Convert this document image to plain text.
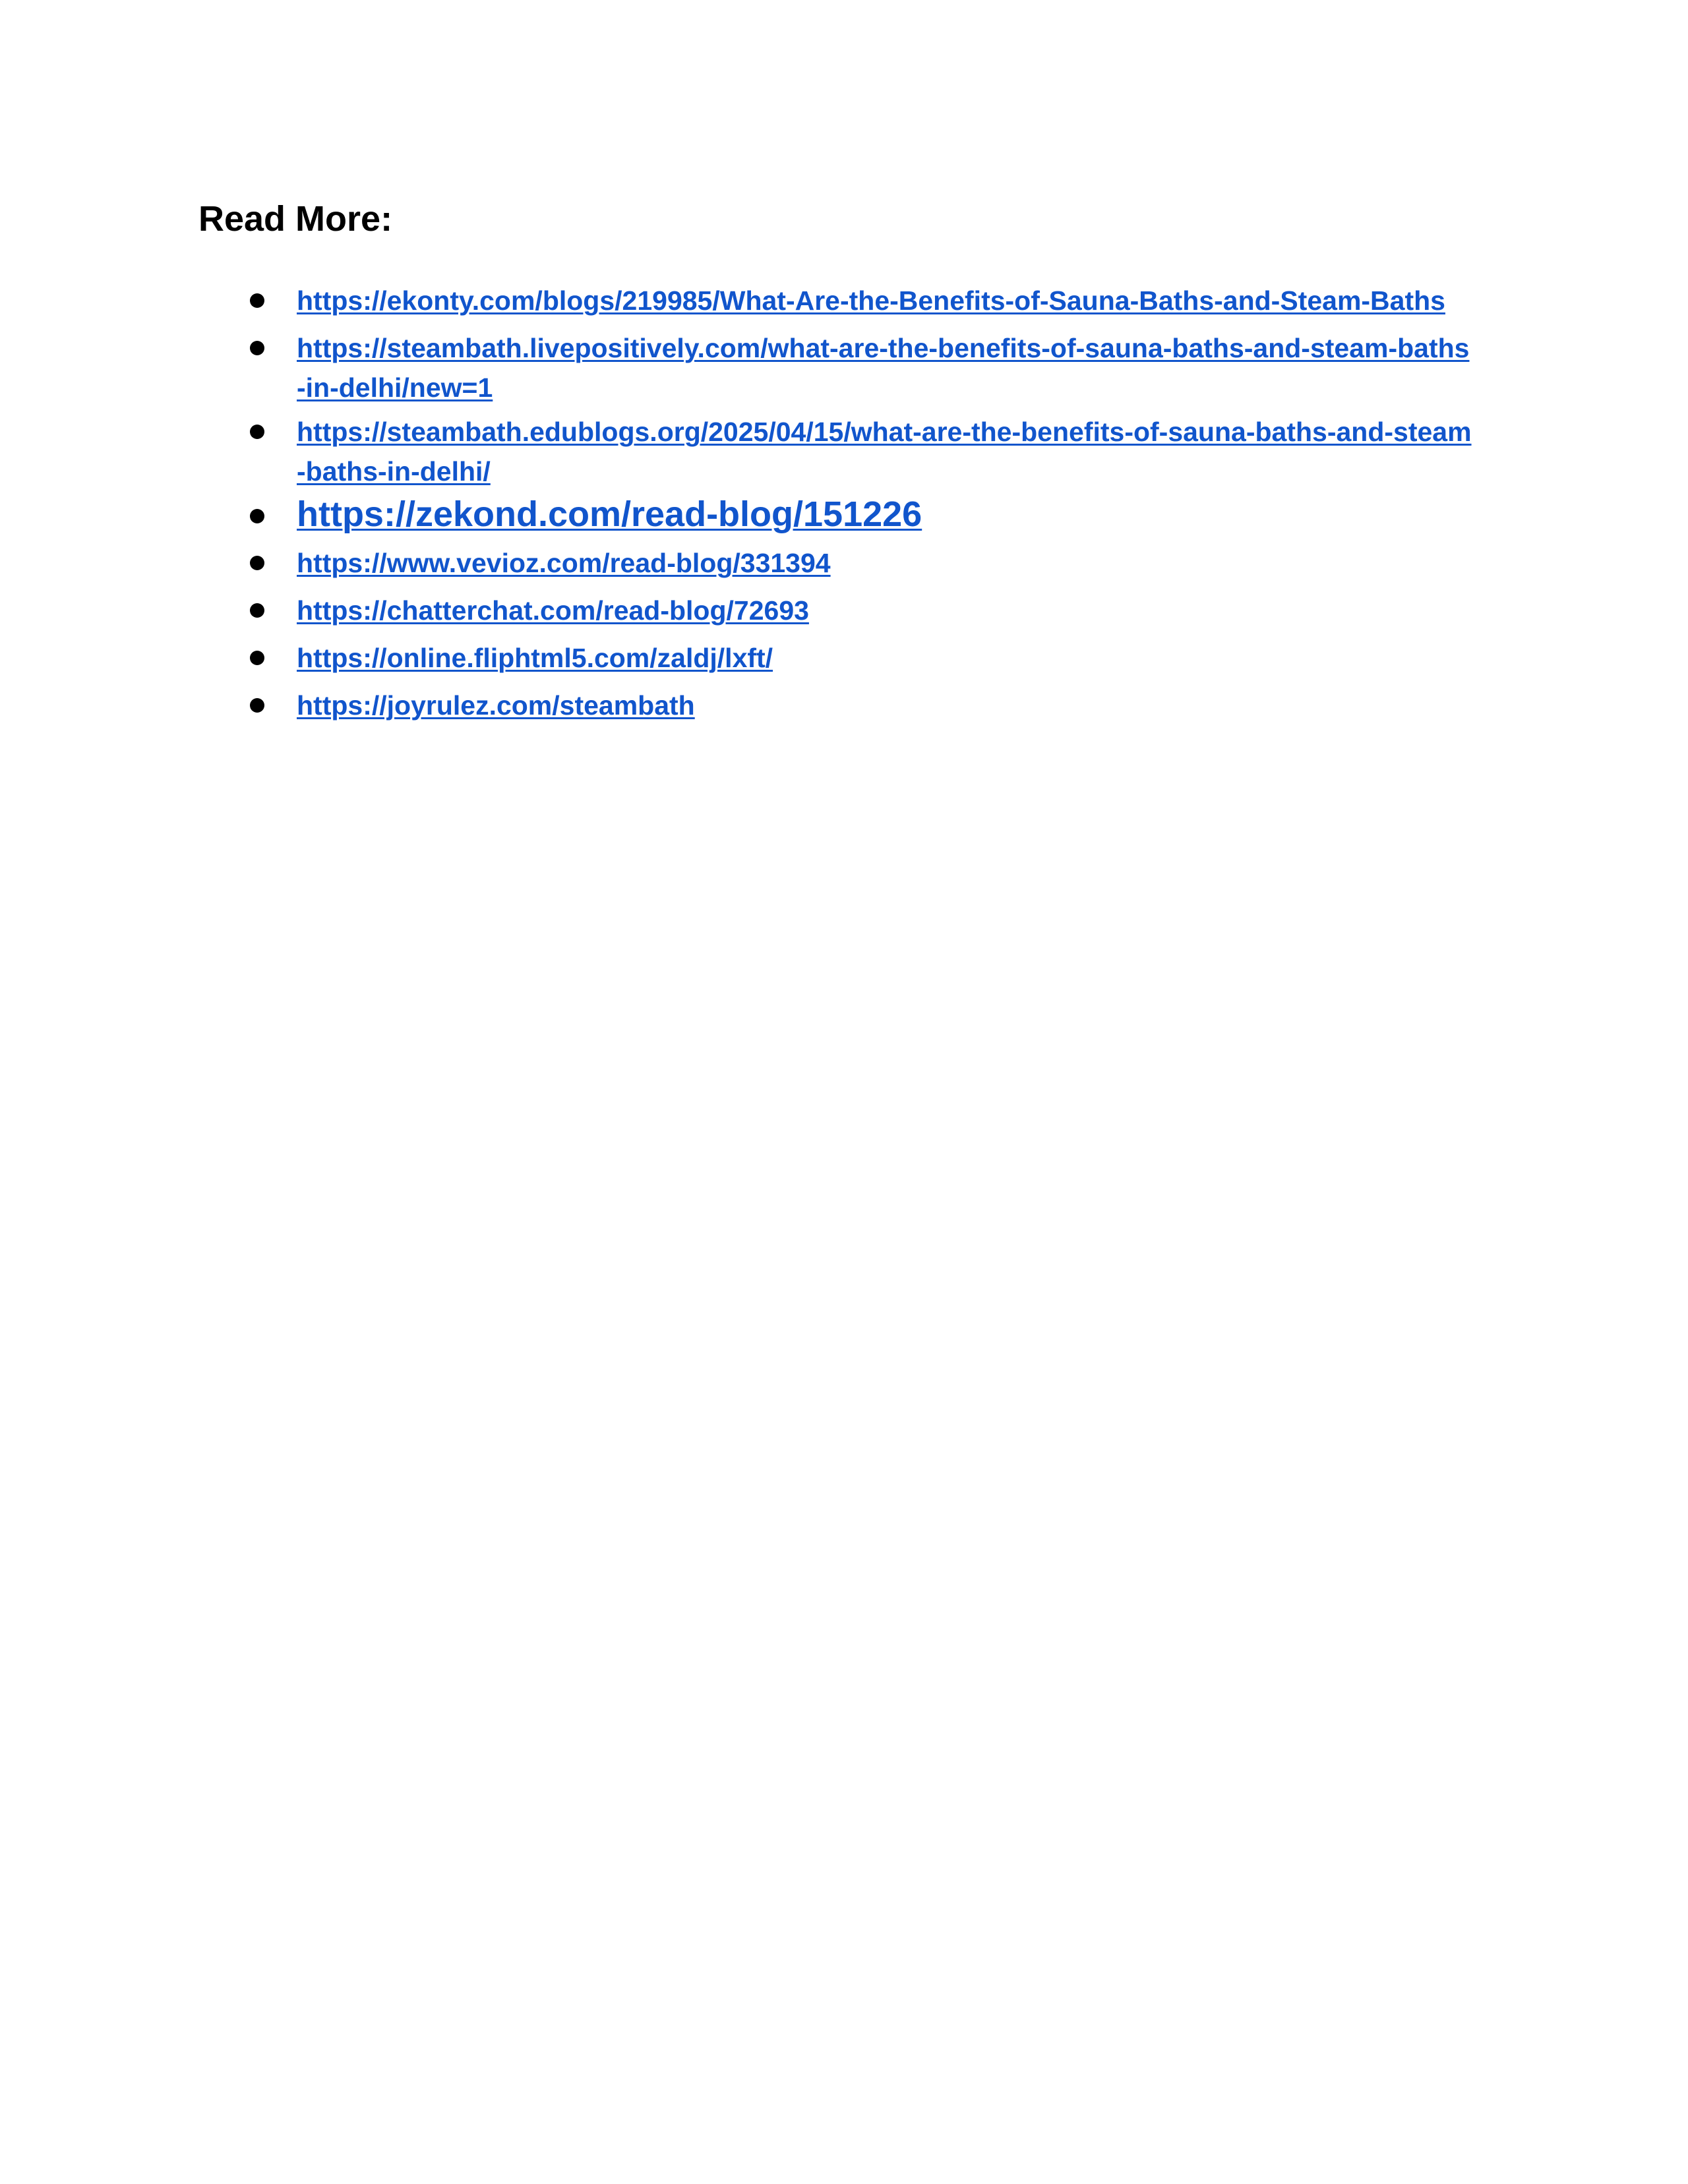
Read More:
https://ekonty.com/blogs/219985/What-Are-the-Benefits-of-Sauna-Baths-and-Steam-Baths
https://steambath.livepositively.com/what-are-the-benefits-of-sauna-baths-and-steam-baths-in-delhi/new=1
https://steambath.edublogs.org/2025/04/15/what-are-the-benefits-of-sauna-baths-and-steam-baths-in-delhi/
https://zekond.com/read-blog/151226
https://www.vevioz.com/read-blog/331394
https://chatterchat.com/read-blog/72693
https://online.fliphtml5.com/zaldj/lxft/
https://joyrulez.com/steambath
